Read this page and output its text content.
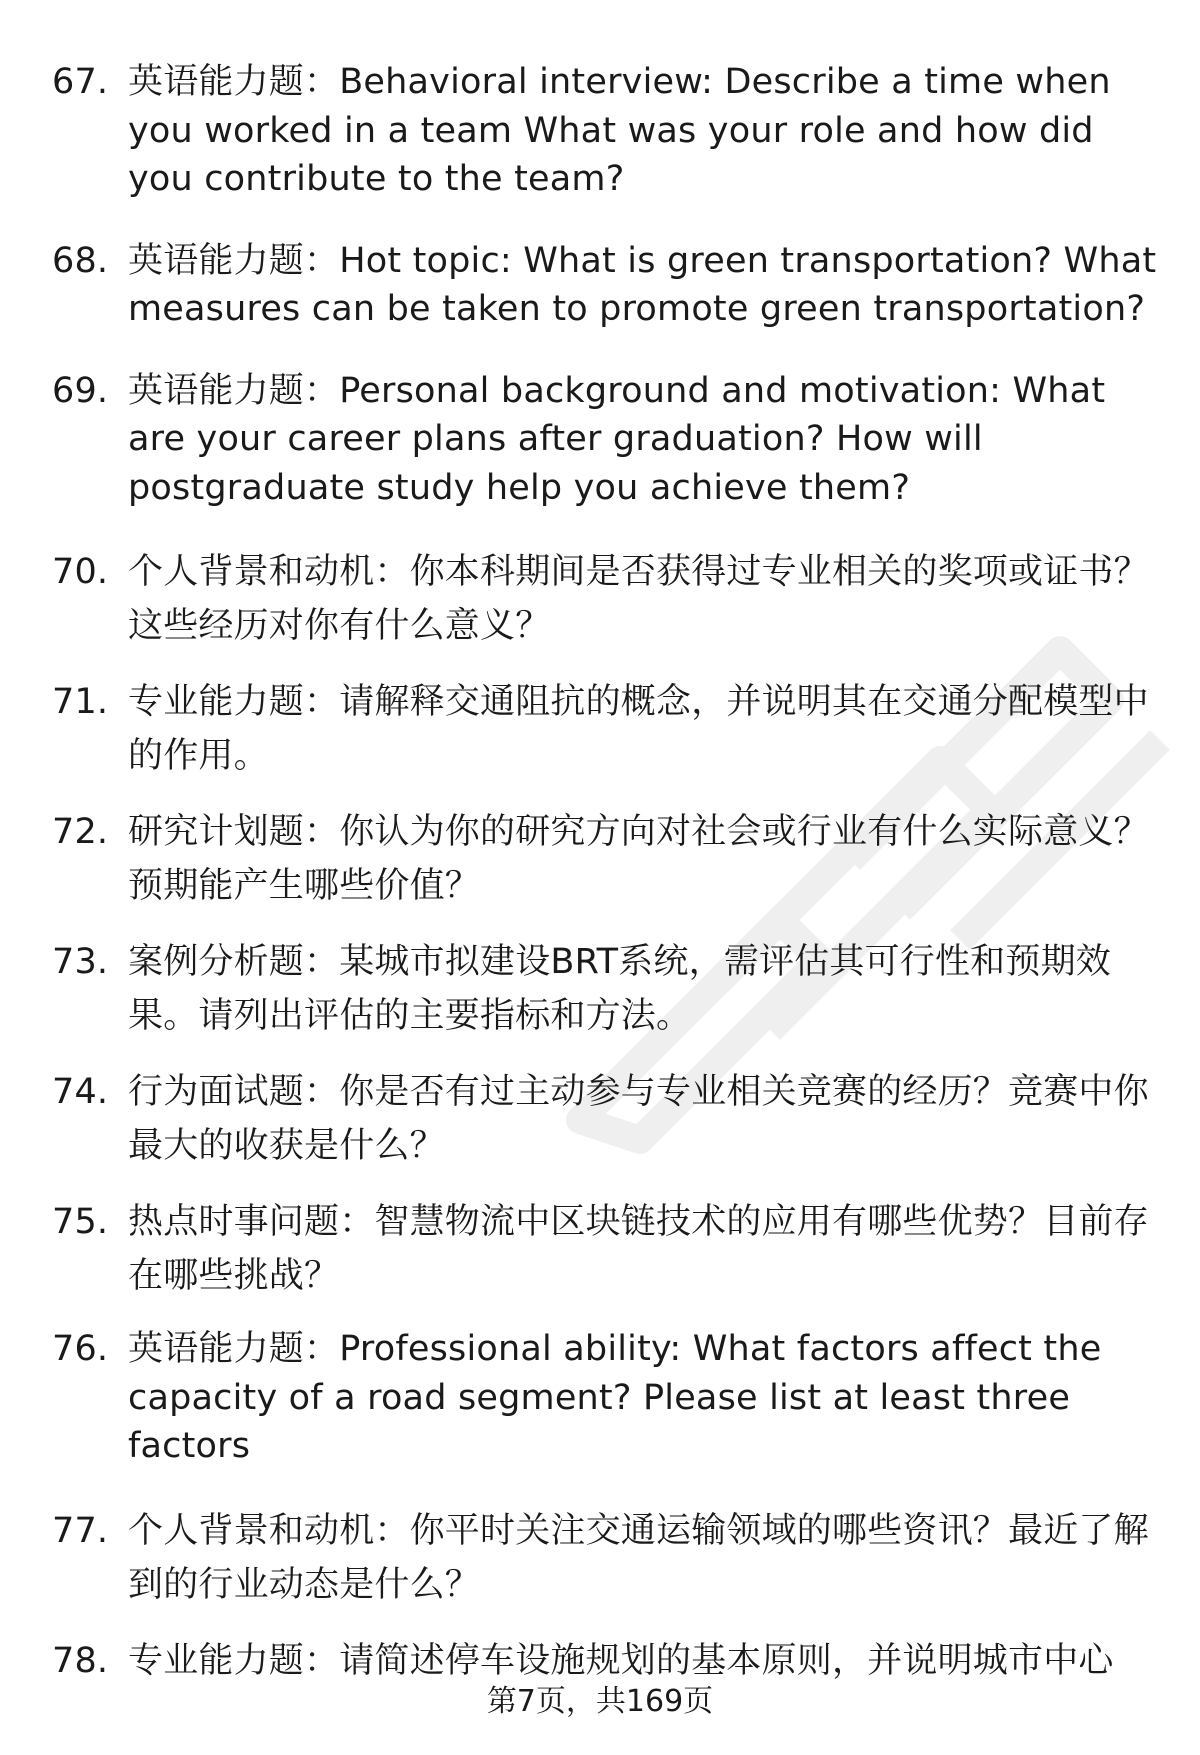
67. 英语能力题：Behavioral interview: Describe a time when you worked in a team What was your role and how did you contribute to the team?
68. 英语能力题：Hot topic: What is green transportation? What measures can be taken to promote green transportation?
69. 英语能力题：Personal background and motivation: What are your career plans after graduation? How will postgraduate study help you achieve them?
70. 个人背景和动机：你本科期间是否获得过专业相关的奖项或证书？这些经历对你有什么意义？
71. 专业能力题：请解释交通阻抗的概念，并说明其在交通分配模型中的作用。
72. 研究计划题：你认为你的研究方向对社会或行业有什么实际意义？预期能产生哪些价值？
73. 案例分析题：某城市拟建设BRT系统，需评估其可行性和预期效果。请列出评估的主要指标和方法。
74. 行为面试题：你是否有过主动参与专业相关竞赛的经历？竞赛中你最大的收获是什么？
75. 热点时事问题：智慧物流中区块链技术的应用有哪些优势？目前存在哪些挑战？
76. 英语能力题：Professional ability: What factors affect the capacity of a road segment? Please list at least three factors
77. 个人背景和动机：你平时关注交通运输领域的哪些资讯？最近了解到的行业动态是什么？
78. 专业能力题：请简述停车设施规划的基本原则，并说明城市中心
第7页，共169页
